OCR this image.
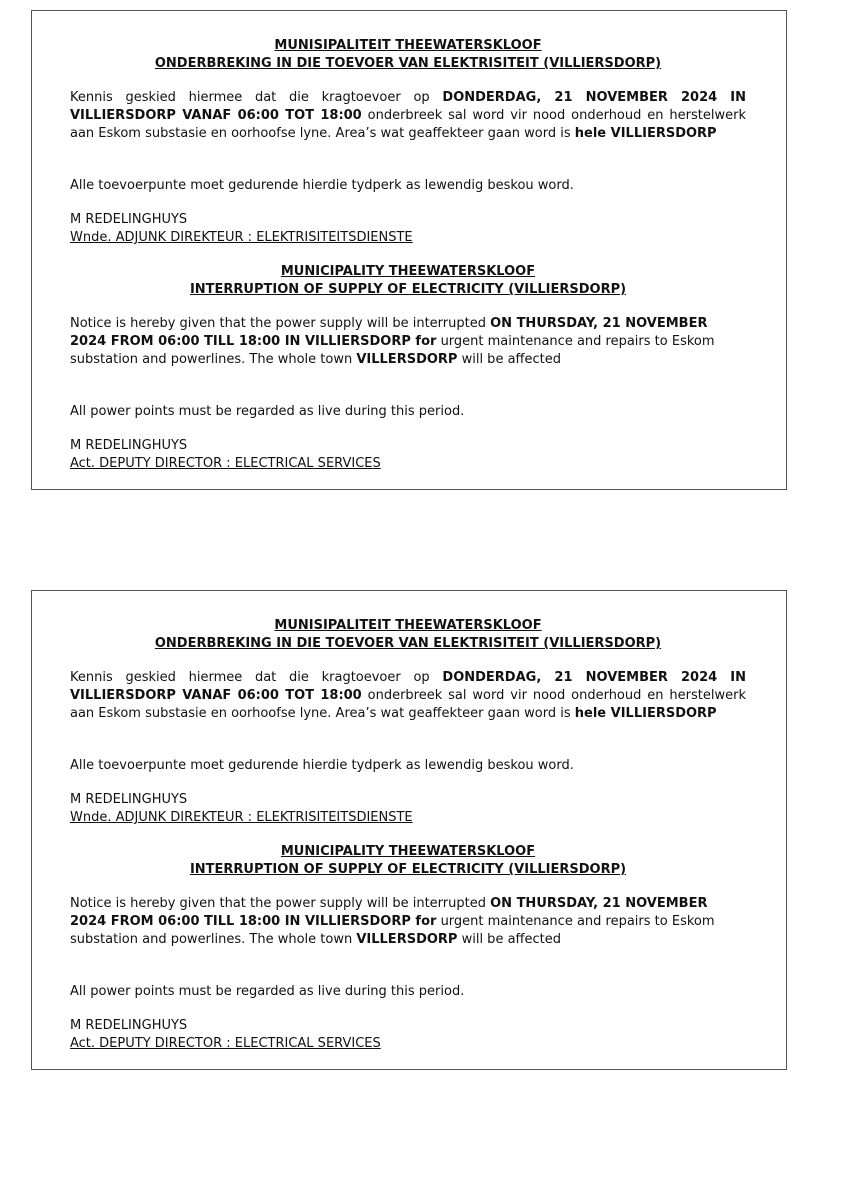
MUNISIPALITEIT THEEWATERSKLOOF
ONDERBREKING IN DIE TOEVOER VAN ELEKTRISITEIT (VILLIERSDORP)
Kennis geskied hiermee dat die kragtoevoer op DONDERDAG, 21 NOVEMBER 2024 IN VILLIERSDORP VANAF 06:00 TOT 18:00 onderbreek sal word vir nood onderhoud en herstelwerk aan Eskom substasie en oorhoofse lyne. Area’s wat geaffekteer gaan word is hele VILLIERSDORP
Alle toevoerpunte moet gedurende hierdie tydperk as lewendig beskou word.
M REDELINGHUYS
Wnde. ADJUNK DIREKTEUR : ELEKTRISITEITSDIENSTE
MUNICIPALITY THEEWATERSKLOOF
INTERRUPTION OF SUPPLY OF ELECTRICITY (VILLIERSDORP)
Notice is hereby given that the power supply will be interrupted ON THURSDAY, 21 NOVEMBER 2024 FROM 06:00 TILL 18:00 IN VILLIERSDORP for urgent maintenance and repairs to Eskom substation and powerlines. The whole town VILLERSDORP will be affected
All power points must be regarded as live during this period.
M REDELINGHUYS
Act. DEPUTY DIRECTOR : ELECTRICAL SERVICES
MUNISIPALITEIT THEEWATERSKLOOF
ONDERBREKING IN DIE TOEVOER VAN ELEKTRISITEIT (VILLIERSDORP)
Kennis geskied hiermee dat die kragtoevoer op DONDERDAG, 21 NOVEMBER 2024 IN VILLIERSDORP VANAF 06:00 TOT 18:00 onderbreek sal word vir nood onderhoud en herstelwerk aan Eskom substasie en oorhoofse lyne. Area’s wat geaffekteer gaan word is hele VILLIERSDORP
Alle toevoerpunte moet gedurende hierdie tydperk as lewendig beskou word.
M REDELINGHUYS
Wnde. ADJUNK DIREKTEUR : ELEKTRISITEITSDIENSTE
MUNICIPALITY THEEWATERSKLOOF
INTERRUPTION OF SUPPLY OF ELECTRICITY (VILLIERSDORP)
Notice is hereby given that the power supply will be interrupted ON THURSDAY, 21 NOVEMBER 2024 FROM 06:00 TILL 18:00 IN VILLIERSDORP for urgent maintenance and repairs to Eskom substation and powerlines. The whole town VILLERSDORP will be affected
All power points must be regarded as live during this period.
M REDELINGHUYS
Act. DEPUTY DIRECTOR : ELECTRICAL SERVICES
